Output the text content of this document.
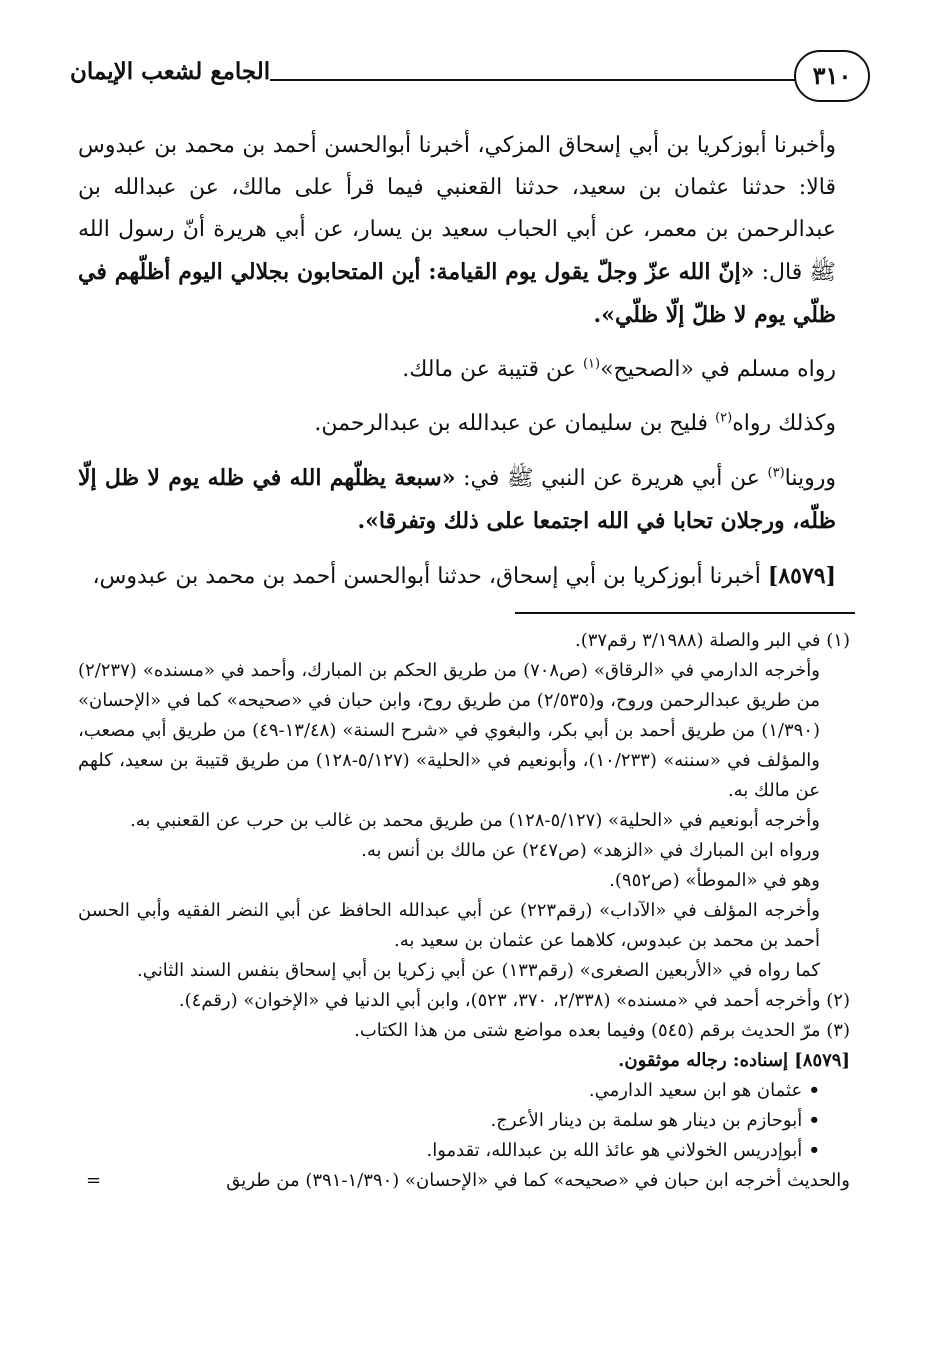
الجامع لشعب الإيمان	٣١٠

وأخبرنا أبوزكريا بن أبي إسحاق المزكي، أخبرنا أبوالحسن أحمد بن محمد بن عبدوس قالا: حدثنا عثمان بن سعيد، حدثنا القعنبي فيما قرأ على مالك، عن عبدالله بن عبدالرحمن بن معمر، عن أبي الحباب سعيد بن يسار، عن أبي هريرة أنّ رسول الله ﷺ قال: «إنّ الله عزّ وجلّ يقول يوم القيامة: أين المتحابون بجلالي اليوم أظلّهم في ظلّي يوم لا ظلّ إلّا ظلّي».

رواه مسلم في «الصحيح»$^{(١)}$ عن قتيبة عن مالك.

وكذلك رواه$^{(٢)}$ فليح بن سليمان عن عبدالله بن عبدالرحمن.

وروينا$^{(٣)}$ عن أبي هريرة عن النبي ﷺ في: «سبعة يظلّهم الله في ظله يوم لا ظل إلّا ظلّه، ورجلان تحابا في الله اجتمعا على ذلك وتفرقا».

[٨٥٧٩] أخبرنا أبوزكريا بن أبي إسحاق، حدثنا أبوالحسن أحمد بن محمد بن عبدوس،

(١) في البر والصلة (٣/١٩٨٨ رقم٣٧).

وأخرجه الدارمي في «الرقاق» (ص٧٠٨) من طريق الحكم بن المبارك، وأحمد في «مسنده» (٢/٢٣٧) من طريق عبدالرحمن وروح، و(٢/٥٣٥) من طريق روح، وابن حبان في «صحيحه» كما في «الإحسان» (١/٣٩٠) من طريق أحمد بن أبي بكر، والبغوي في «شرح السنة» (١٣/٤٨-٤٩) من طريق أبي مصعب، والمؤلف في «سننه» (١٠/٢٣٣)، وأبونعيم في «الحلية» (٥/١٢٧-١٢٨) من طريق قتيبة بن سعيد، كلهم عن مالك به.

وأخرجه أبونعيم في «الحلية» (٥/١٢٧-١٢٨) من طريق محمد بن غالب بن حرب عن القعنبي به.

ورواه ابن المبارك في «الزهد» (ص٢٤٧) عن مالك بن أنس به.

وهو في «الموطأ» (ص٩٥٢).

وأخرجه المؤلف في «الآداب» (رقم٢٢٣) عن أبي عبدالله الحافظ عن أبي النضر الفقيه وأبي الحسن أحمد بن محمد بن عبدوس، كلاهما عن عثمان بن سعيد به.

كما رواه في «الأربعين الصغرى» (رقم١٣٣) عن أبي زكريا بن أبي إسحاق بنفس السند الثاني.

(٢) وأخرجه أحمد في «مسنده» (٢/٣٣٨، ٣٧٠، ٥٢٣)، وابن أبي الدنيا في «الإخوان» (رقم٤).

(٣) مرّ الحديث برقم (٥٤٥) وفيما بعده مواضع شتى من هذا الكتاب.

[٨٥٧٩] إسناده: رجاله موثقون.

• عثمان هو ابن سعيد الدارمي.
• أبوحازم بن دينار هو سلمة بن دينار الأعرج.
• أبوإدريس الخولاني هو عائذ الله بن عبدالله، تقدموا.

=	والحديث أخرجه ابن حبان في «صحيحه» كما في «الإحسان» (١/٣٩٠-٣٩١) من طريق
